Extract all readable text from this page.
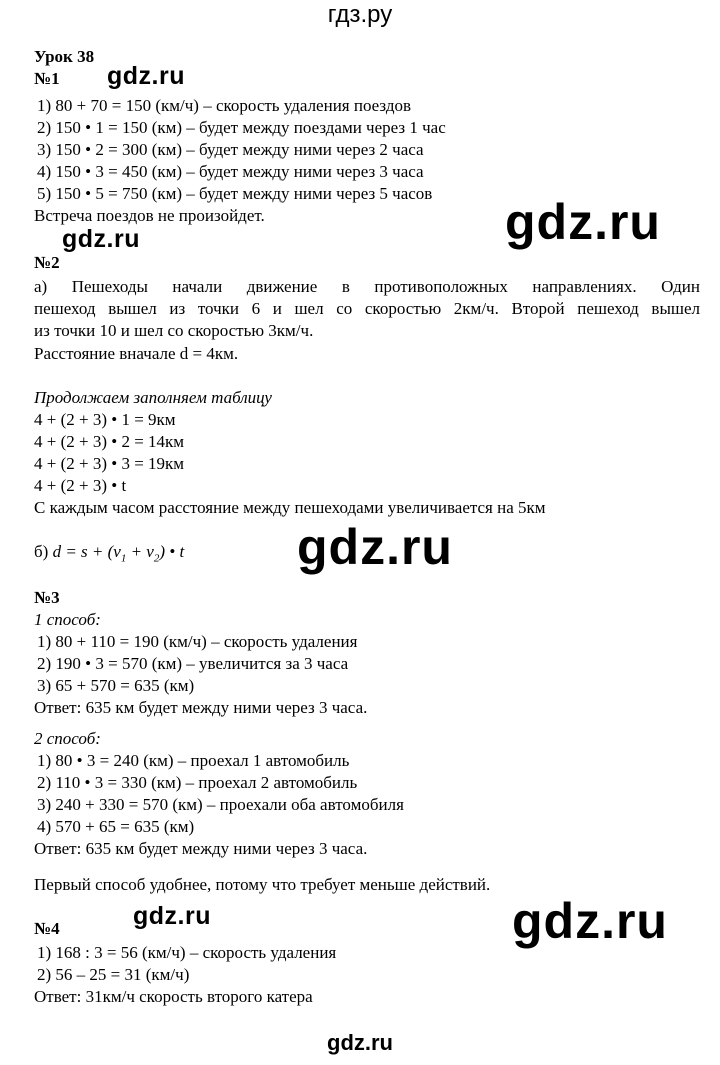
гдз.ру
gdz.ru
gdz.ru
gdz.ru
gdz.ru
gdz.ru	gdz.ru
Урок 38
№1
1) 80 + 70 = 150 (км/ч) – скорость удаления поездов
2) 150 • 1 = 150 (км) – будет между поездами через 1 час
3) 150 • 2 = 300 (км) – будет между ними через 2 часа
4) 150 • 3 = 450 (км) – будет между ними через 3 часа
5) 150 • 5 = 750 (км) – будет между ними через 5 часов
Встреча поездов не произойдет.
№2
а) Пешеходы начали движение в противоположных направлениях. Один
пешеход вышел из точки 6 и шел со скоростью 2км/ч. Второй пешеход вышел
из точки 10 и шел со скоростью 3км/ч.
Расстояние вначале d = 4км.
Продолжаем заполняем таблицу
4 + (2 + 3) • 1 = 9км
4 + (2 + 3) • 2 = 14км
4 + (2 + 3) • 3 = 19км
4 + (2 + 3) • t
С каждым часом расстояние между пешеходами увеличивается на 5км
б) $d = s + (v_1 + v_2)$ • t
№3
1 способ:
1) 80 + 110 = 190 (км/ч) – скорость удаления
2) 190 • 3 = 570 (км) – увеличится за 3 часа
3) 65 + 570 = 635 (км)
Ответ: 635 км будет между ними через 3 часа.
2 способ:
1) 80 • 3 = 240 (км) – проехал 1 автомобиль
2) 110 • 3 = 330 (км) – проехал 2 автомобиль
3) 240 + 330 = 570 (км) – проехали оба автомобиля
4) 570 + 65 = 635 (км)
Ответ: 635 км будет между ними через 3 часа.
Первый способ удобнее, потому что требует меньше действий.
№4
1) 168 : 3 = 56 (км/ч) – скорость удаления
2) 56 – 25 = 31 (км/ч)
Ответ: 31км/ч скорость второго катера
gdz.ru
